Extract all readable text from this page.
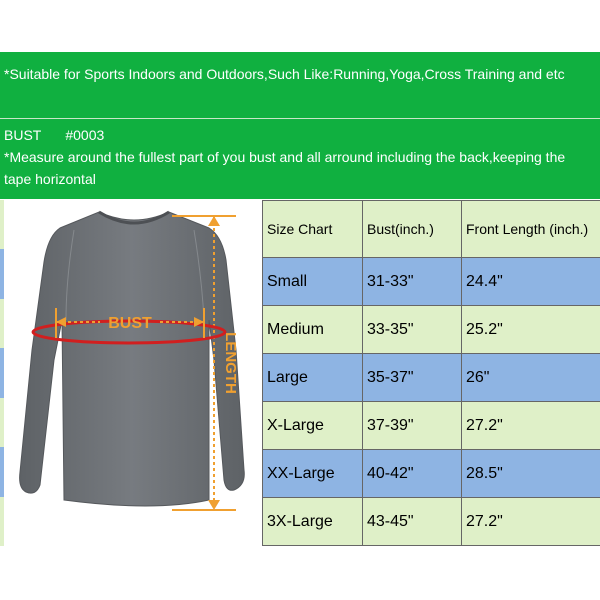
*Suitable for Sports Indoors and Outdoors,Such Like:Running,Yoga,Cross Training and etc
BUST #0003
*Measure around the fullest part of you bust and all arround including the back,keeping the tape horizontal
BUST
LENGTH
Size Chart	Bust(inch.)	Front Length (inch.)
Small	31-33"	24.4"
Medium	33-35"	25.2"
Large	35-37"	26"
X-Large	37-39"	27.2"
XX-Large	40-42"	28.5"
3X-Large	43-45"	27.2"
